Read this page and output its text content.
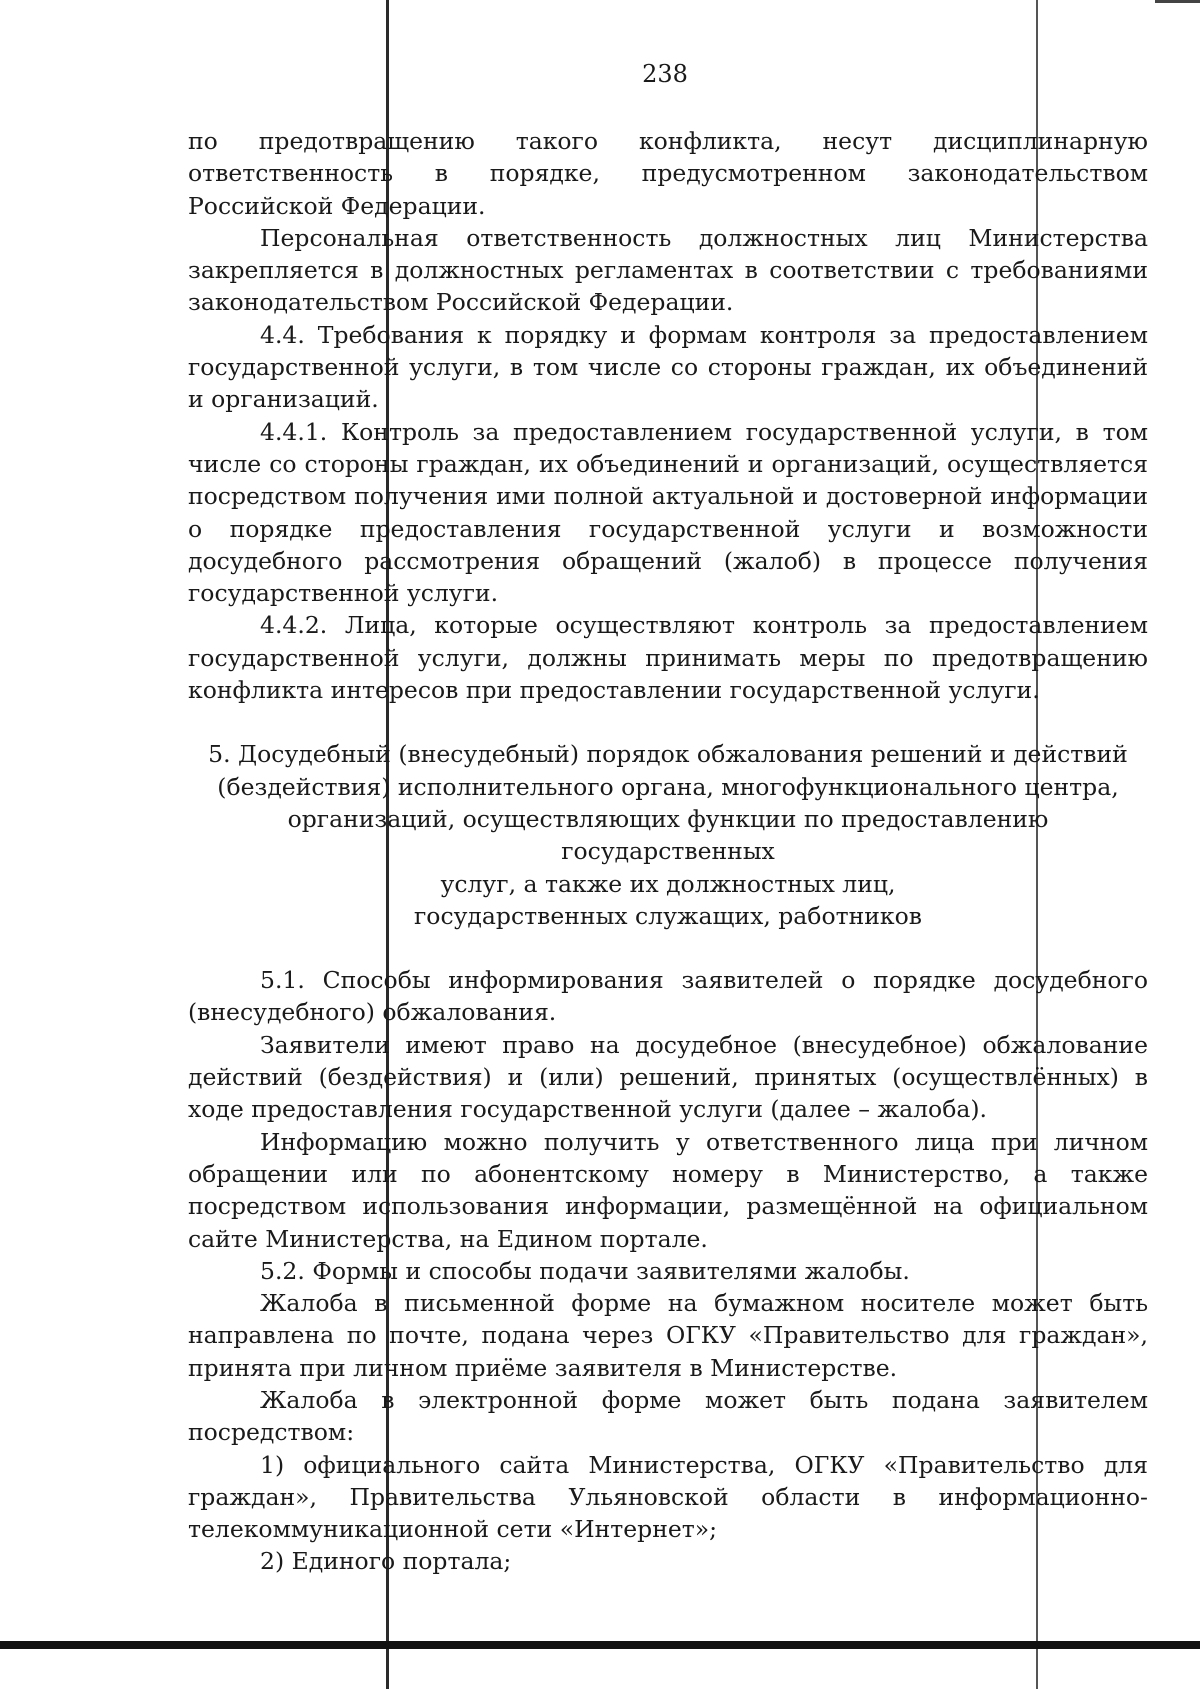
238

по предотвращению такого конфликта, несут дисциплинарную ответственность в порядке, предусмотренном законодательством Российской Федерации.

Персональная ответственность должностных лиц Министерства закрепляется в должностных регламентах в соответствии с требованиями законодательством Российской Федерации.

4.4. Требования к порядку и формам контроля за предоставлением государственной услуги, в том числе со стороны граждан, их объединений и организаций.

4.4.1. Контроль за предоставлением государственной услуги, в том числе со стороны граждан, их объединений и организаций, осуществляется посредством получения ими полной актуальной и достоверной информации о порядке предоставления государственной услуги и возможности досудебного рассмотрения обращений (жалоб) в процессе получения государственной услуги.

4.4.2. Лица, которые осуществляют контроль за предоставлением государственной услуги, должны принимать меры по предотвращению конфликта интересов при предоставлении государственной услуги.

5. Досудебный (внесудебный) порядок обжалования решений и действий
(бездействия) исполнительного органа, многофункционального центра,
организаций, осуществляющих функции по предоставлению государственных
услуг, а также их должностных лиц,
государственных служащих, работников

5.1. Способы информирования заявителей о порядке досудебного (внесудебного) обжалования.

Заявители имеют право на досудебное (внесудебное) обжалование действий (бездействия) и (или) решений, принятых (осуществлённых) в ходе предоставления государственной услуги (далее – жалоба).

Информацию можно получить у ответственного лица при личном обращении или по абонентскому номеру в Министерство, а также посредством использования информации, размещённой на официальном сайте Министерства, на Едином портале.

5.2. Формы и способы подачи заявителями жалобы.

Жалоба в письменной форме на бумажном носителе может быть направлена по почте, подана через ОГКУ «Правительство для граждан», принята при личном приёме заявителя в Министерстве.

Жалоба в электронной форме может быть подана заявителем посредством:

1) официального сайта Министерства, ОГКУ «Правительство для граждан», Правительства Ульяновской области в информационно-телекоммуникационной сети «Интернет»;

2) Единого портала;
